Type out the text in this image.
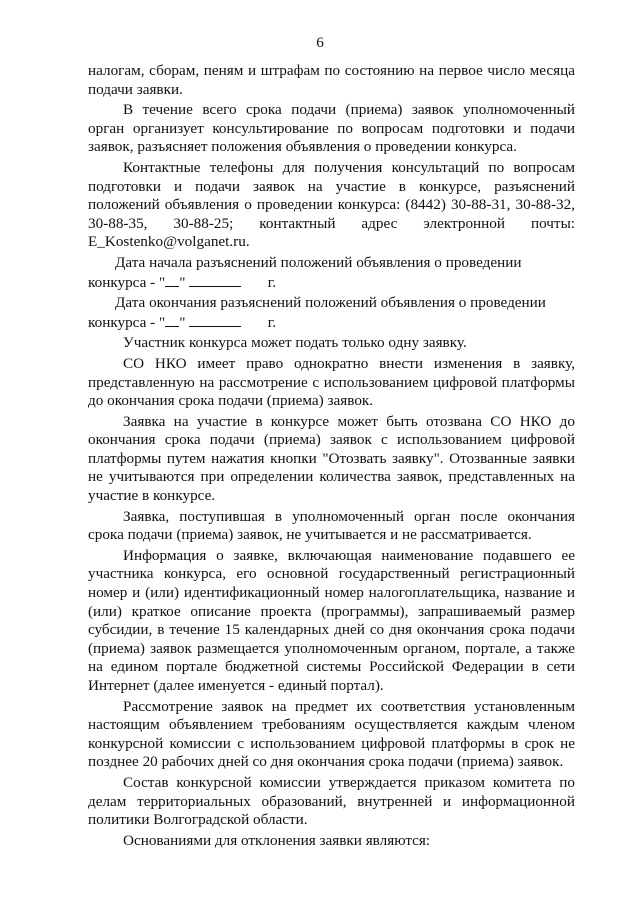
6
налогам, сборам, пеням и штрафам по состоянию на первое число месяца подачи заявки.
В течение всего срока подачи (приема) заявок уполномоченный орган организует консультирование по вопросам подготовки и подачи заявок, разъясняет положения объявления о проведении конкурса.
Контактные телефоны для получения консультаций по вопросам подготовки и подачи заявок на участие в конкурсе, разъяснений положений объявления о проведении конкурса: (8442) 30-88-31, 30-88-32, 30-88-35, 30-88-25; контактный адрес электронной почты: E_Kostenko@volganet.ru.
Дата начала разъяснений положений объявления о проведении конкурса - " "	г.
Дата окончания разъяснений положений объявления о проведении конкурса - " "	г.
Участник конкурса может подать только одну заявку.
СО НКО имеет право однократно внести изменения в заявку, представленную на рассмотрение с использованием цифровой платформы до окончания срока подачи (приема) заявок.
Заявка на участие в конкурсе может быть отозвана СО НКО до окончания срока подачи (приема) заявок с использованием цифровой платформы путем нажатия кнопки "Отозвать заявку". Отозванные заявки не учитываются при определении количества заявок, представленных на участие в конкурсе.
Заявка, поступившая в уполномоченный орган после окончания срока подачи (приема) заявок, не учитывается и не рассматривается.
Информация о заявке, включающая наименование подавшего ее участника конкурса, его основной государственный регистрационный номер и (или) идентификационный номер налогоплательщика, название и (или) краткое описание проекта (программы), запрашиваемый размер субсидии, в течение 15 календарных дней со дня окончания срока подачи (приема) заявок размещается уполномоченным органом, портале, а также на едином портале бюджетной системы Российской Федерации в сети Интернет (далее именуется - единый портал).
Рассмотрение заявок на предмет их соответствия установленным настоящим объявлением требованиям осуществляется каждым членом конкурсной комиссии с использованием цифровой платформы в срок не позднее 20 рабочих дней со дня окончания срока подачи (приема) заявок.
Состав конкурсной комиссии утверждается приказом комитета по делам территориальных образований, внутренней и информационной политики Волгоградской области.
Основаниями для отклонения заявки являются:
